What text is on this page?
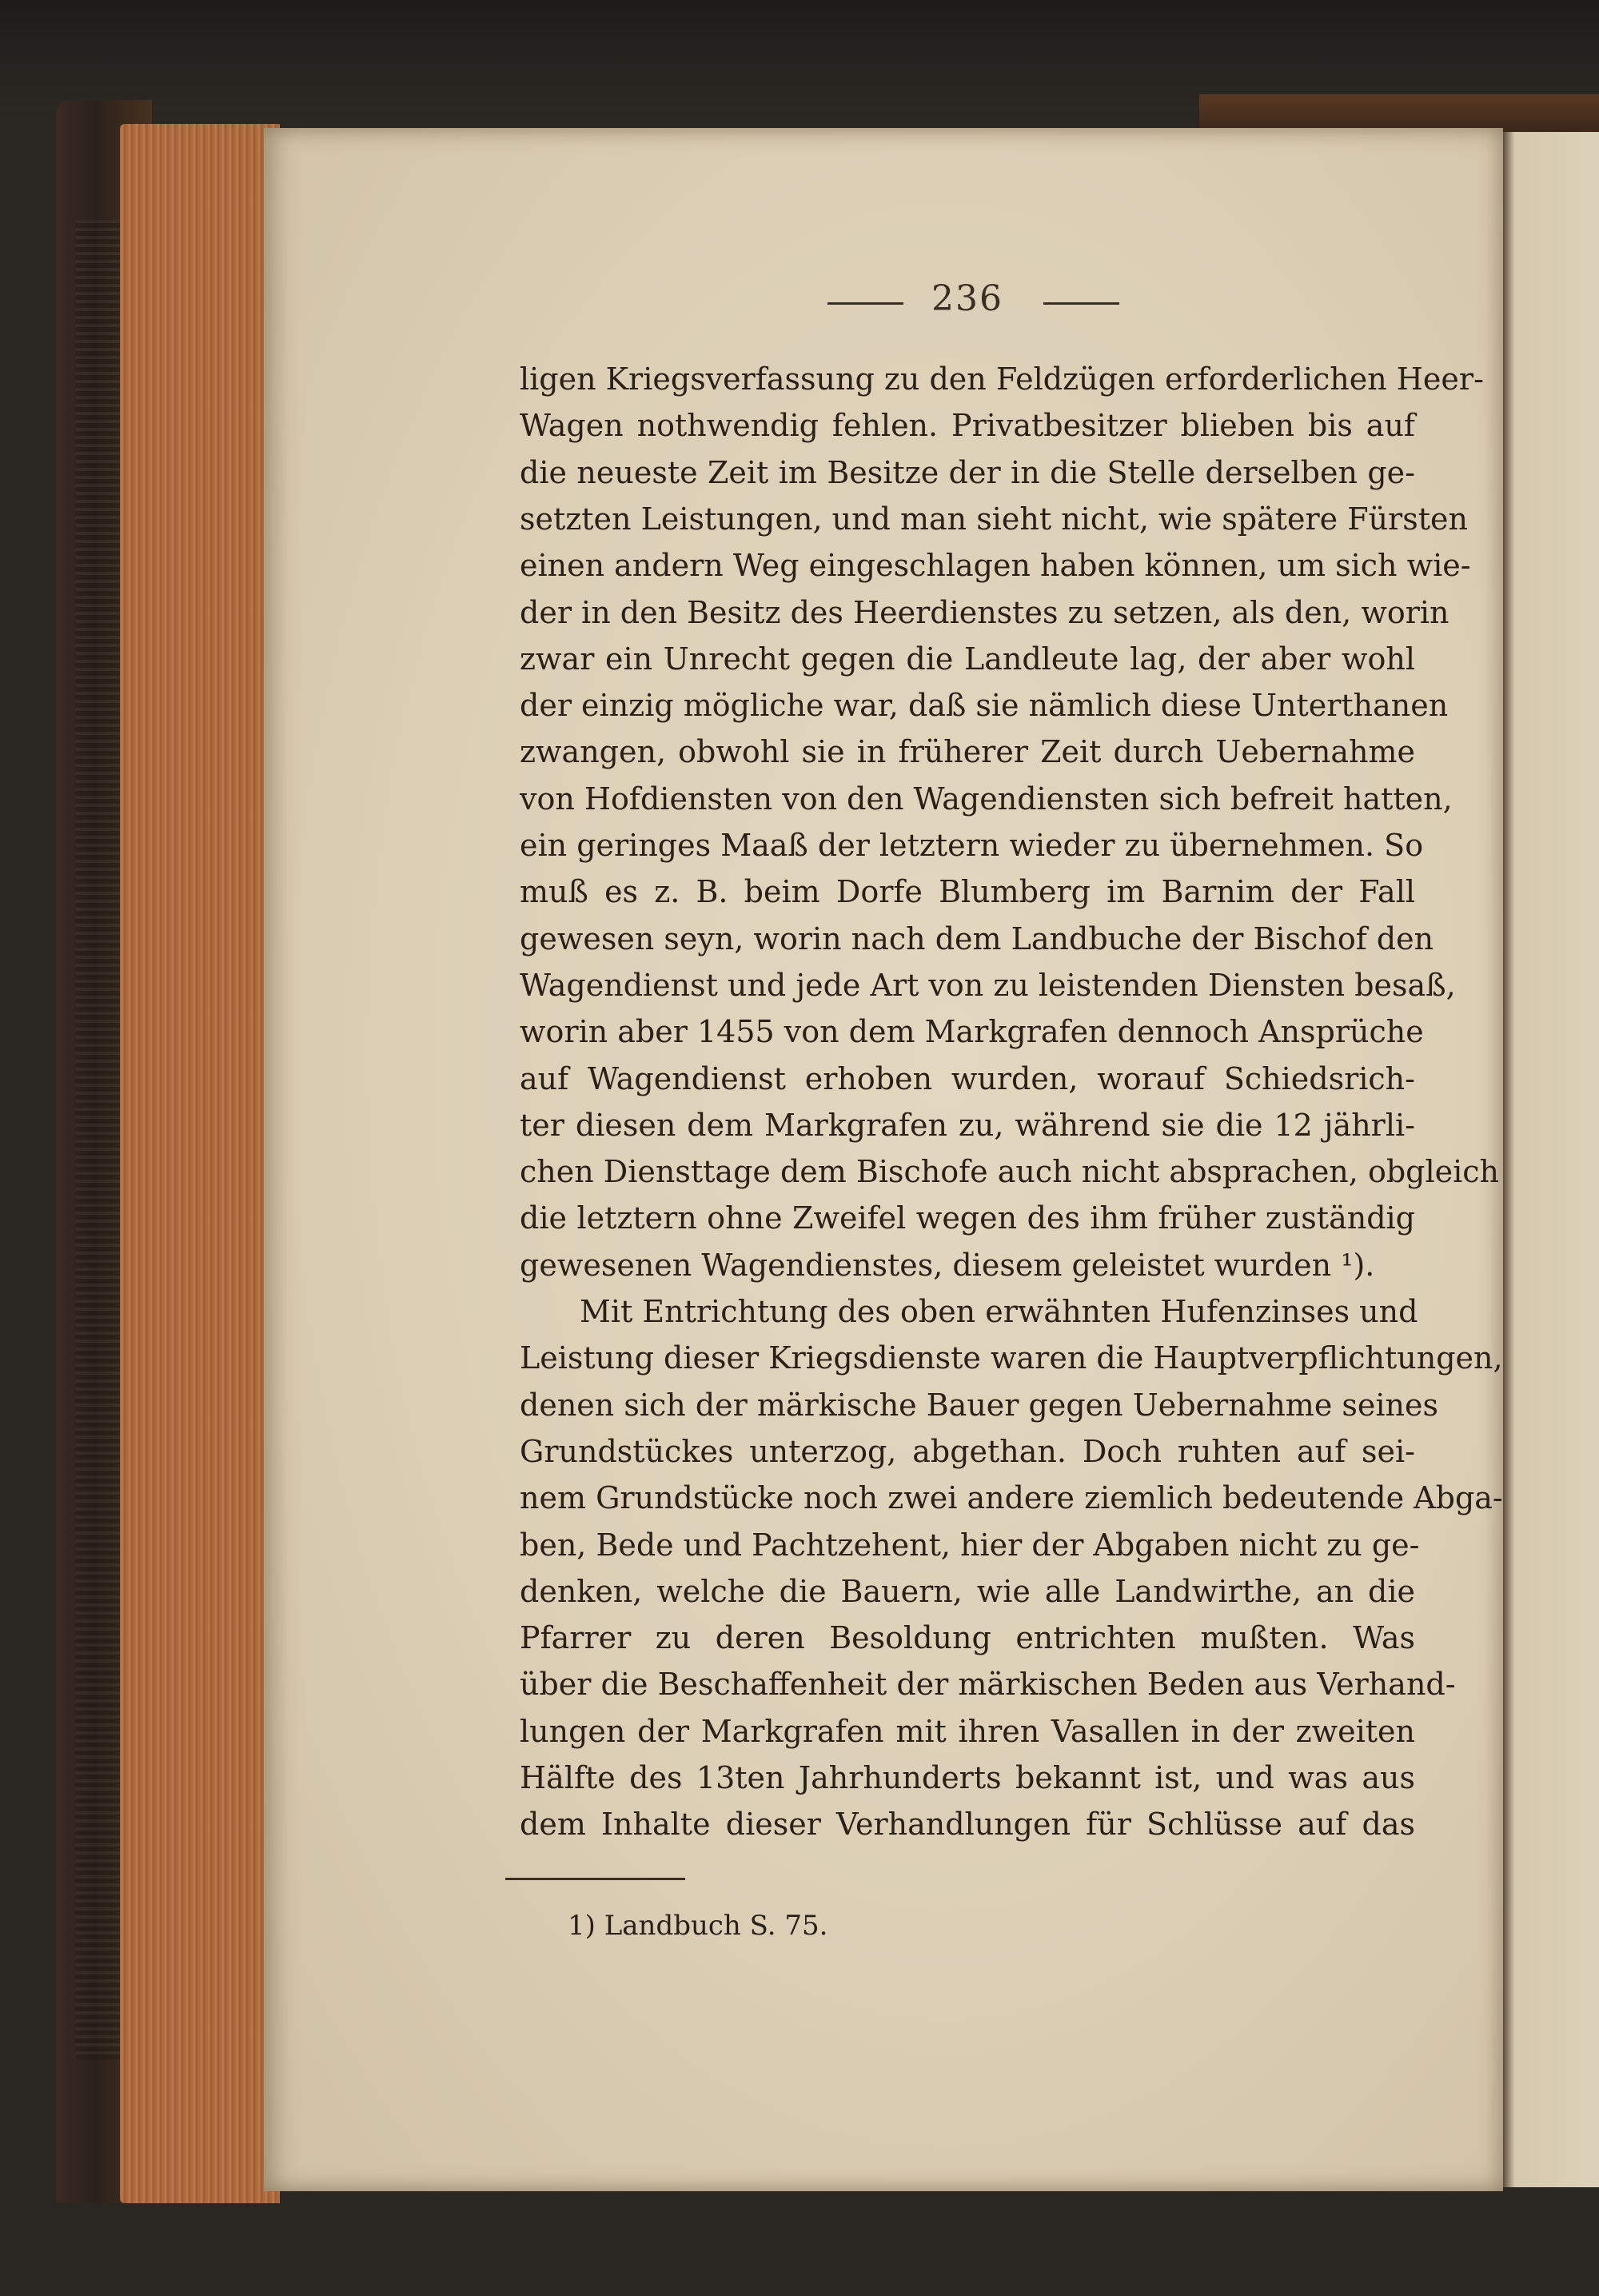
236
ligen Kriegsverfassung zu den Feldzügen erforderlichen Heer-
Wagen nothwendig fehlen. Privatbesitzer blieben bis auf
die neueste Zeit im Besitze der in die Stelle derselben ge-
setzten Leistungen, und man sieht nicht, wie spätere Fürsten
einen andern Weg eingeschlagen haben können, um sich wie-
der in den Besitz des Heerdienstes zu setzen, als den, worin
zwar ein Unrecht gegen die Landleute lag, der aber wohl
der einzig mögliche war, daß sie nämlich diese Unterthanen
zwangen, obwohl sie in früherer Zeit durch Uebernahme
von Hofdiensten von den Wagendiensten sich befreit hatten,
ein geringes Maaß der letztern wieder zu übernehmen. So
muß es z. B. beim Dorfe Blumberg im Barnim der Fall
gewesen seyn, worin nach dem Landbuche der Bischof den
Wagendienst und jede Art von zu leistenden Diensten besaß,
worin aber 1455 von dem Markgrafen dennoch Ansprüche
auf Wagendienst erhoben wurden, worauf Schiedsrich-
ter diesen dem Markgrafen zu, während sie die 12 jährli-
chen Diensttage dem Bischofe auch nicht absprachen, obgleich
die letztern ohne Zweifel wegen des ihm früher zuständig
gewesenen Wagendienstes, diesem geleistet wurden ¹).
Mit Entrichtung des oben erwähnten Hufenzinses und
Leistung dieser Kriegsdienste waren die Hauptverpflichtungen,
denen sich der märkische Bauer gegen Uebernahme seines
Grundstückes unterzog, abgethan. Doch ruhten auf sei-
nem Grundstücke noch zwei andere ziemlich bedeutende Abga-
ben, Bede und Pachtzehent, hier der Abgaben nicht zu ge-
denken, welche die Bauern, wie alle Landwirthe, an die
Pfarrer zu deren Besoldung entrichten mußten. Was
über die Beschaffenheit der märkischen Beden aus Verhand-
lungen der Markgrafen mit ihren Vasallen in der zweiten
Hälfte des 13ten Jahrhunderts bekannt ist, und was aus
dem Inhalte dieser Verhandlungen für Schlüsse auf das
1) Landbuch S. 75.
